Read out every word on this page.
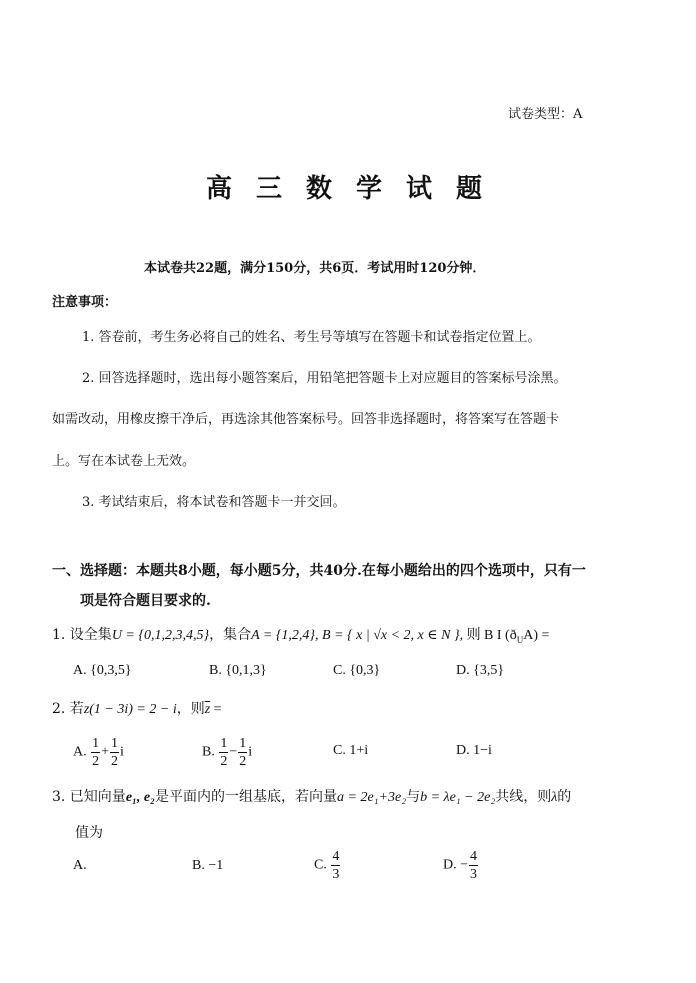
试卷类型：A
高三数学试题
本试卷共22题，满分150分，共6页．考试用时120分钟．
注意事项：
1. 答卷前，考生务必将自己的姓名、考生号等填写在答题卡和试卷指定位置上。
2. 回答选择题时，选出每小题答案后，用铅笔把答题卡上对应题目的答案标号涂黑。
如需改动，用橡皮擦干净后，再选涂其他答案标号。回答非选择题时，将答案写在答题卡
上。写在本试卷上无效。
3. 考试结束后，将本试卷和答题卡一并交回。
一、选择题：本题共8小题，每小题5分，共40分.在每小题给出的四个选项中，只有一
项是符合题目要求的.
1. 设全集U = {0,1,2,3,4,5}，集合A = {1,2,4}, B = { x | √x < 2, x ∈ N }, 则 B I $(ð_UA)$ =
A. {0,3,5}	B. {0,1,3}	C. {0,3}	D. {3,5}
2. 若z(1 − 3i) = 2 − i，则$\overline{z}$ =
A. $\frac{1}{2} + \frac{1}{2}$ i	B. $\frac{1}{2} - \frac{1}{2}$ i	C. 1+i	D. 1−i
3. 已知向量e₁, e₂是平面内的一组基底，若向量a = 2e₁+3e₂与b = λe₁ − 2e₂共线，则λ的
值为
A.	B. −1	C. $\frac{4}{3}$	D. − $\frac{4}{3}$
